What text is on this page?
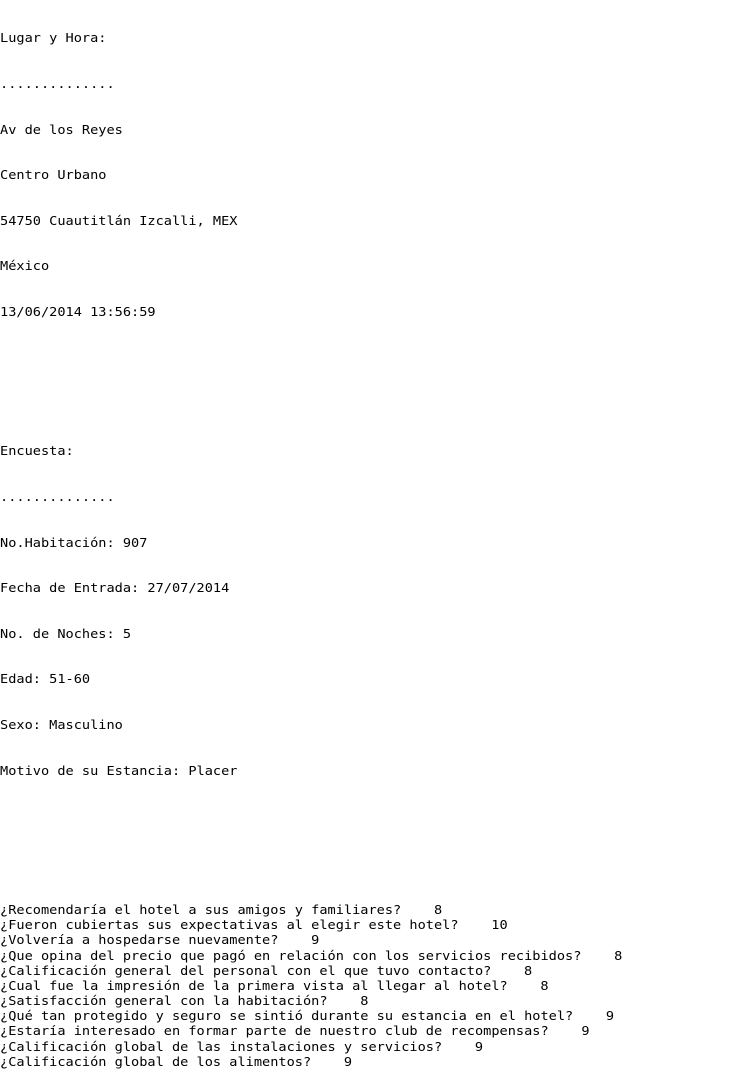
Lugar y Hora:

..............

Av de los Reyes

Centro Urbano

54750 Cuautitlán Izcalli, MEX

México

13/06/2014 13:56:59

Encuesta:

..............

No.Habitación: 907

Fecha de Entrada: 27/07/2014

No. de Noches: 5

Edad: 51-60

Sexo: Masculino

Motivo de su Estancia: Placer

¿Recomendaría el hotel a sus amigos y familiares?	8
¿Fueron cubiertas sus expectativas al elegir este hotel?	10
¿Volvería a hospedarse nuevamente?	9
¿Que opina del precio que pagó en relación con los servicios recibidos?	8
¿Calificación general del personal con el que tuvo contacto?	8
¿Cual fue la impresión de la primera vista al llegar al hotel?	8
¿Satisfacción general con la habitación?	8
¿Qué tan protegido y seguro se sintió durante su estancia en el hotel?	9
¿Estaría interesado en formar parte de nuestro club de recompensas?	9
¿Calificación global de las instalaciones y servicios?	9
¿Calificación global de los alimentos?	9
